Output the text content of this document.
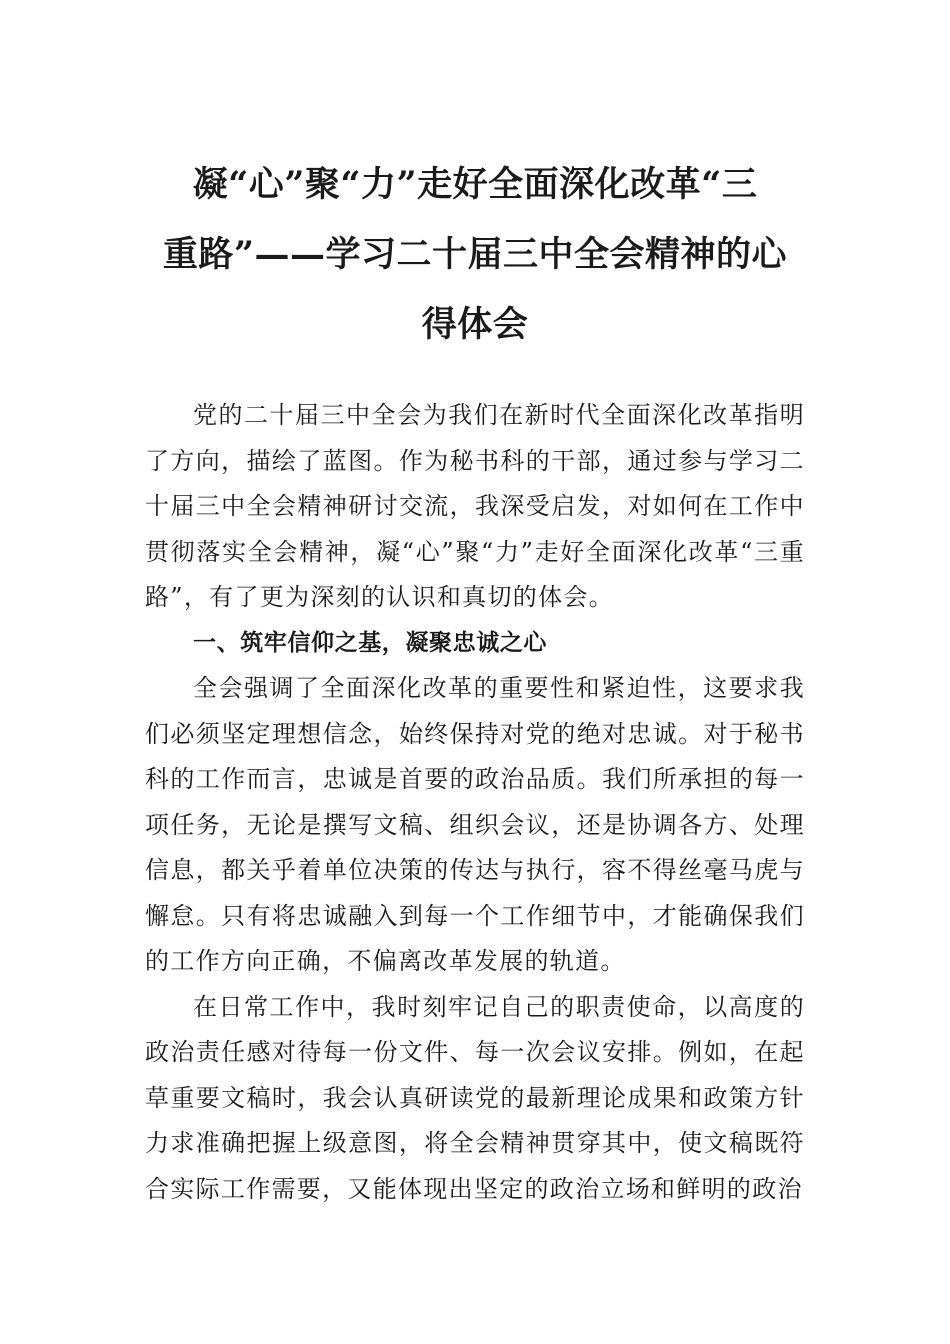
凝“心”聚“力”走好全面深化改革“三
重路”——学习二十届三中全会精神的心
得体会

党的二十届三中全会为我们在新时代全面深化改革指明了方向，描绘了蓝图。作为秘书科的干部，通过参与学习二十届三中全会精神研讨交流，我深受启发，对如何在工作中贯彻落实全会精神，凝“心”聚“力”走好全面深化改革“三重路”，有了更为深刻的认识和真切的体会。

一、筑牢信仰之基，凝聚忠诚之心

全会强调了全面深化改革的重要性和紧迫性，这要求我们必须坚定理想信念，始终保持对党的绝对忠诚。对于秘书科的工作而言，忠诚是首要的政治品质。我们所承担的每一项任务，无论是撰写文稿、组织会议，还是协调各方、处理信息，都关乎着单位决策的传达与执行，容不得丝毫马虎与懈怠。只有将忠诚融入到每一个工作细节中，才能确保我们的工作方向正确，不偏离改革发展的轨道。

在日常工作中，我时刻牢记自己的职责使命，以高度的政治责任感对待每一份文件、每一次会议安排。例如，在起草重要文稿时，我会认真研读党的最新理论成果和政策方针力求准确把握上级意图，将全会精神贯穿其中，使文稿既符合实际工作需要，又能体现出坚定的政治立场和鲜明的政治
